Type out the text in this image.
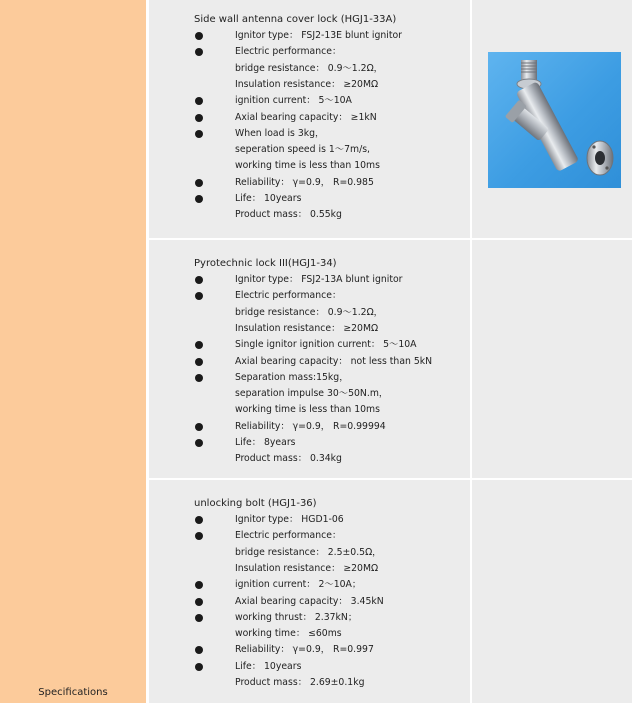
Specifications
Side wall antenna cover lock (HGJ1-33A)
Ignitor type： FSJ2-13E blunt ignitor
Electric performance：
bridge resistance： 0.9～1.2Ω，
Insulation resistance： ≥20MΩ
ignition current： 5～10A
Axial bearing capacity： ≥1kN
When load is 3kg，
seperation speed is 1～7m/s,
working time is less than 10ms
Reliability： γ=0.9， R=0.985
Life： 10years
Product mass： 0.55kg
Pyrotechnic lock III(HGJ1-34)
Ignitor type： FSJ2-13A blunt ignitor
Electric performance：
bridge resistance： 0.9～1.2Ω，
Insulation resistance： ≥20MΩ
Single ignitor ignition current： 5～10A
Axial bearing capacity： not less than 5kN
Separation mass:15kg，
separation impulse 30～50N.m，
working time is less than 10ms
Reliability： γ=0.9， R=0.99994
Life： 8years
Product mass： 0.34kg
unlocking bolt (HGJ1-36)
Ignitor type： HGD1-06
Electric performance：
bridge resistance： 2.5±0.5Ω，
Insulation resistance： ≥20MΩ
ignition current： 2～10A；
Axial bearing capacity： 3.45kN
working thrust： 2.37kN；
working time： ≤60ms
Reliability： γ=0.9， R=0.997
Life： 10years
Product mass： 2.69±0.1kg
